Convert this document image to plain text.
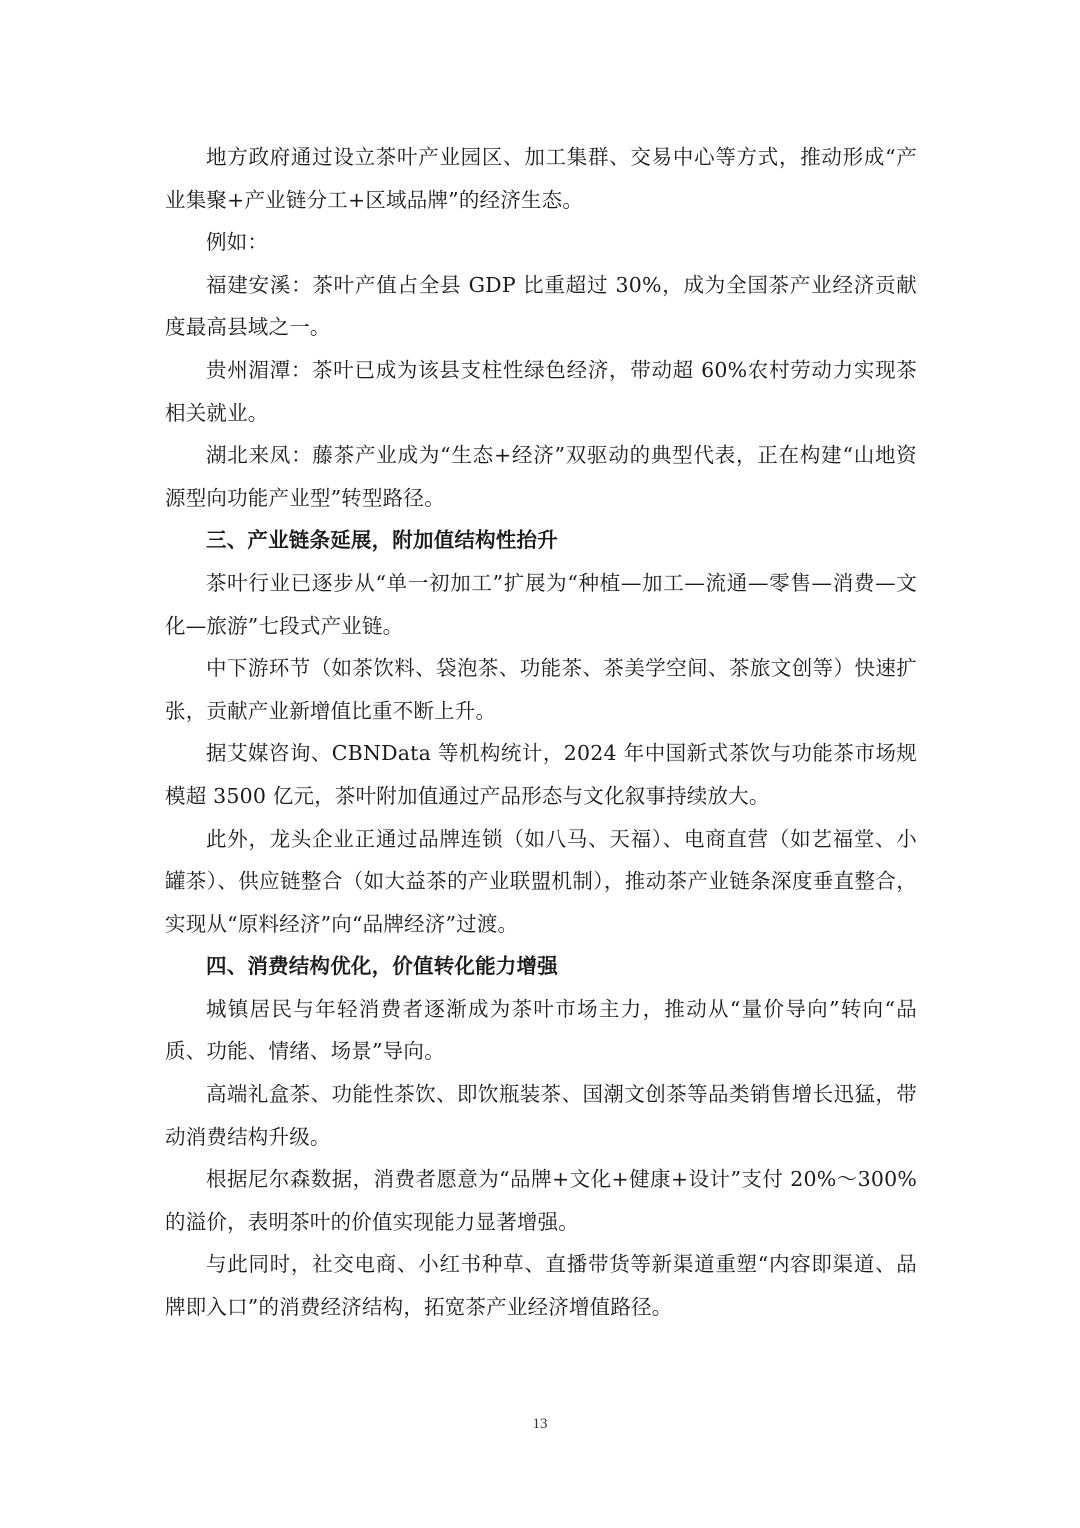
地方政府通过设立茶叶产业园区、加工集群、交易中心等方式，推动形成“产业集聚+产业链分工+区域品牌”的经济生态。

例如：

福建安溪：茶叶产值占全县 GDP 比重超过 30%，成为全国茶产业经济贡献度最高县域之一。

贵州湄潭：茶叶已成为该县支柱性绿色经济，带动超 60%农村劳动力实现茶相关就业。

湖北来凤：藤茶产业成为“生态+经济”双驱动的典型代表，正在构建“山地资源型向功能产业型”转型路径。

三、产业链条延展，附加值结构性抬升

茶叶行业已逐步从“单一初加工”扩展为“种植—加工—流通—零售—消费—文化—旅游”七段式产业链。

中下游环节（如茶饮料、袋泡茶、功能茶、茶美学空间、茶旅文创等）快速扩张，贡献产业新增值比重不断上升。

据艾媒咨询、CBNData 等机构统计，2024 年中国新式茶饮与功能茶市场规模超 3500 亿元，茶叶附加值通过产品形态与文化叙事持续放大。

此外，龙头企业正通过品牌连锁（如八马、天福）、电商直营（如艺福堂、小罐茶）、供应链整合（如大益茶的产业联盟机制），推动茶产业链条深度垂直整合，实现从“原料经济”向“品牌经济”过渡。

四、消费结构优化，价值转化能力增强

城镇居民与年轻消费者逐渐成为茶叶市场主力，推动从“量价导向”转向“品质、功能、情绪、场景”导向。

高端礼盒茶、功能性茶饮、即饮瓶装茶、国潮文创茶等品类销售增长迅猛，带动消费结构升级。

根据尼尔森数据，消费者愿意为“品牌+文化+健康+设计”支付 20%～300%的溢价，表明茶叶的价值实现能力显著增强。

与此同时，社交电商、小红书种草、直播带货等新渠道重塑“内容即渠道、品牌即入口”的消费经济结构，拓宽茶产业经济增值路径。

13
